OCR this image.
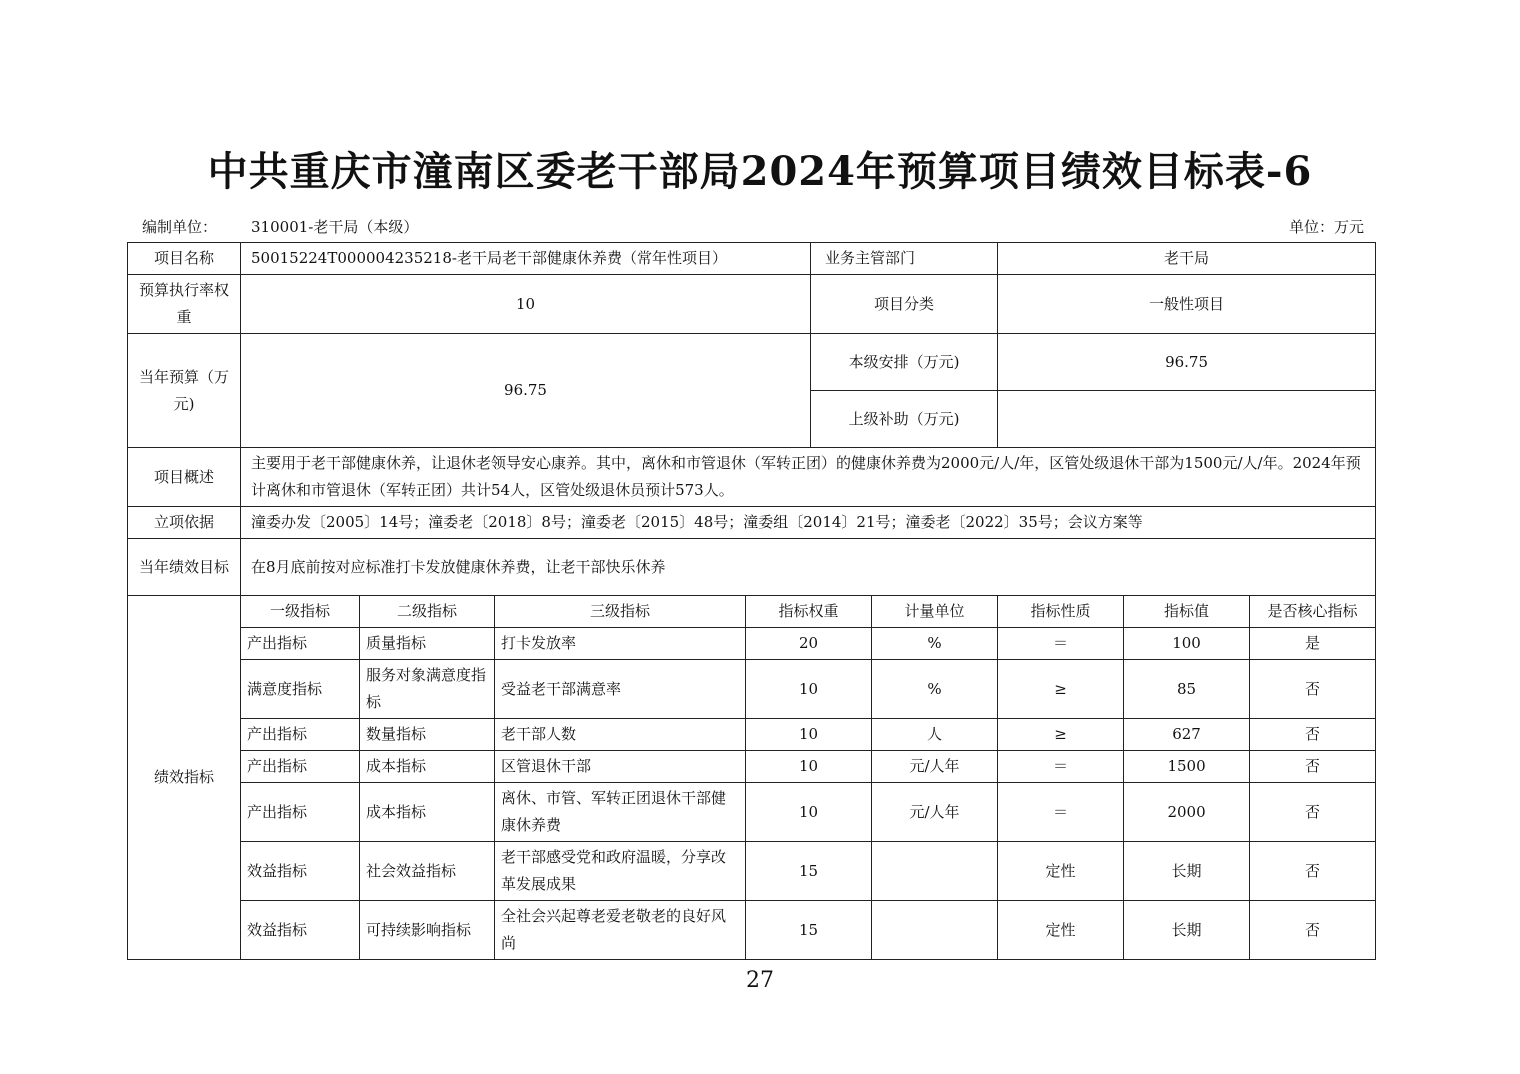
中共重庆市潼南区委老干部局2024年预算项目绩效目标表-6
编制单位： 310001-老干局（本级）	单位：万元
项目名称	50015224T000004235218-老干局老干部健康休养费（常年性项目）				业务主管部门		老干局		
预算执行率权重	10				项目分类		一般性项目		
当年预算（万元)	96.75				本级安排（万元)		96.75		
					上级补助（万元)				
项目概述	主要用于老干部健康休养，让退休老领导安心康养。其中，离休和市管退休（军转正团）的健康休养费为2000元/人/年，区管处级退休干部为1500元/人/年。2024年预计离休和市管退休（军转正团）共计54人，区管处级退休员预计573人。								
立项依据	潼委办发〔2005〕14号；潼委老〔2018〕8号；潼委老〔2015〕48号；潼委组〔2014〕21号；潼委老〔2022〕35号；会议方案等								
当年绩效目标	在8月底前按对应标准打卡发放健康休养费，让老干部快乐休养								
绩效指标	一级指标	二级指标	三级指标	指标权重		计量单位	指标性质	指标值	是否核心指标
	产出指标	质量指标	打卡发放率	20		%	＝	100	是
	满意度指标	服务对象满意度指标	受益老干部满意率	10		%	≥	85	否
	产出指标	数量指标	老干部人数	10		人	≥	627	否
	产出指标	成本指标	区管退休干部	10		元/人年	＝	1500	否
	产出指标	成本指标	离休、市管、军转正团退休干部健康休养费	10		元/人年	＝	2000	否
	效益指标	社会效益指标	老干部感受党和政府温暖，分享改革发展成果	15			定性	长期	否
	效益指标	可持续影响指标	全社会兴起尊老爱老敬老的良好风尚	15			定性	长期	否
27
